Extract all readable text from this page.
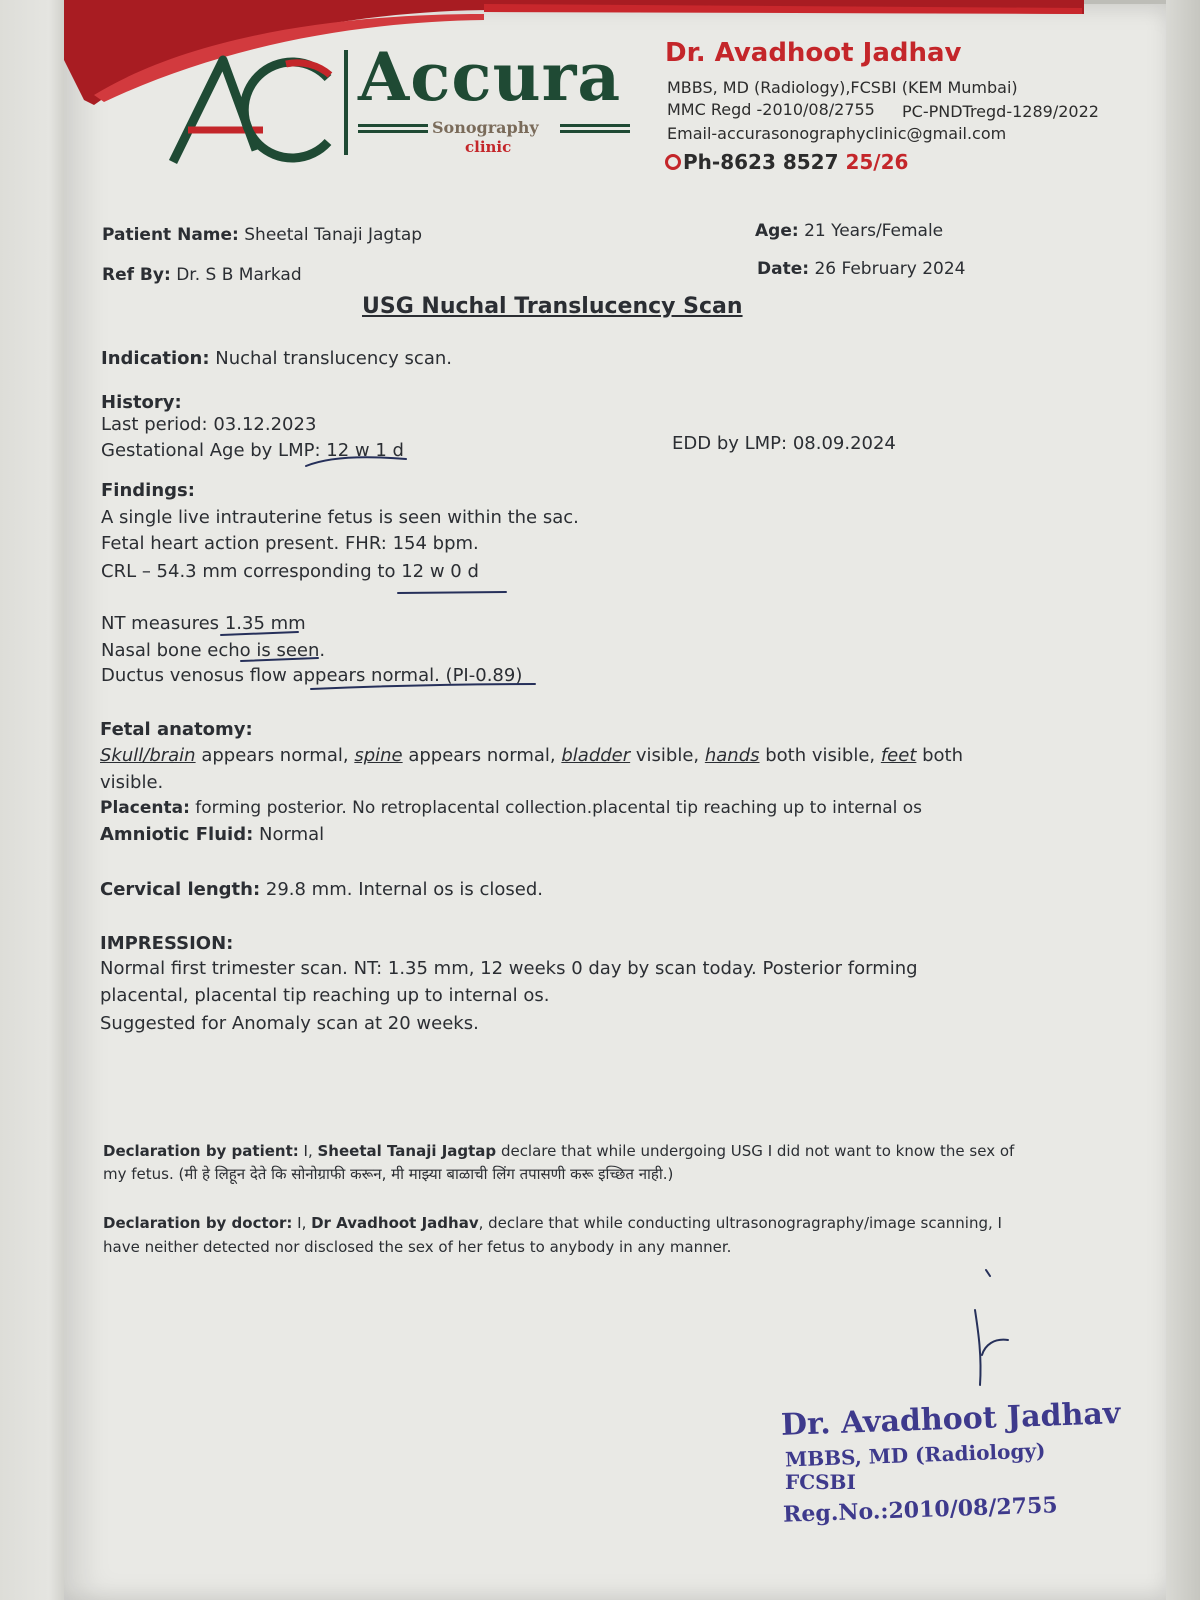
Accura
Sonography
clinic
Dr. Avadhoot Jadhav
MBBS, MD (Radiology),FCSBI (KEM Mumbai)
MMC Regd -2010/08/2755 PC-PNDTregd-1289/2022
Email-accurasonographyclinic@gmail.com
Ph-8623 8527 25/26
Patient Name: Sheetal Tanaji Jagtap
Ref By: Dr. S B Markad
Age: 21 Years/Female
Date: 26 February 2024
USG Nuchal Translucency Scan
Indication: Nuchal translucency scan.
History:
Last period: 03.12.2023
Gestational Age by LMP: 12 w 1 d	EDD by LMP: 08.09.2024
Findings:
A single live intrauterine fetus is seen within the sac.
Fetal heart action present. FHR: 154 bpm.
CRL – 54.3 mm corresponding to 12 w 0 d
NT measures 1.35 mm
Nasal bone echo is seen.
Ductus venosus flow appears normal. (PI-0.89)
Fetal anatomy:
Skull/brain appears normal, spine appears normal, bladder visible, hands both visible, feet both
visible.
Placenta: forming posterior. No retroplacental collection.placental tip reaching up to internal os
Amniotic Fluid: Normal
Cervical length: 29.8 mm. Internal os is closed.
IMPRESSION:
Normal first trimester scan. NT: 1.35 mm, 12 weeks 0 day by scan today. Posterior forming
placental, placental tip reaching up to internal os.
Suggested for Anomaly scan at 20 weeks.
Declaration by patient: I, Sheetal Tanaji Jagtap declare that while undergoing USG I did not want to know the sex of
my fetus. (मी हे लिहून देते कि सोनोग्राफी करून, मी माझ्या बाळाची लिंग तपासणी करू इच्छित नाही.)
Declaration by doctor: I, Dr Avadhoot Jadhav, declare that while conducting ultrasonogragraphy/image scanning, I
have neither detected nor disclosed the sex of her fetus to anybody in any manner.
Dr. Avadhoot Jadhav
MBBS, MD (Radiology)
FCSBI
Reg.No.:2010/08/2755
